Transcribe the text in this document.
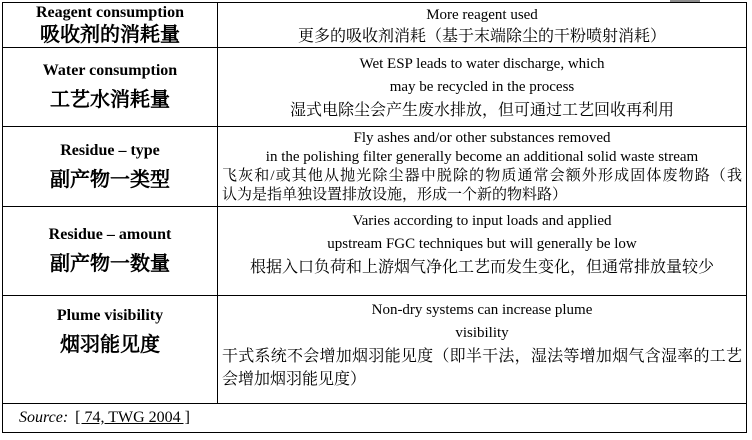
Reagent consumption
吸收剂的消耗量
More reagent used
更多的吸收剂消耗（基于末端除尘的干粉喷射消耗）
Water consumption
工艺水消耗量
Wet ESP leads to water discharge, which
may be recycled in the process
湿式电除尘会产生废水排放，但可通过工艺回收再利用
Residue – type
副产物一类型
Fly ashes and/or other substances removed
in the polishing filter generally become an additional solid waste stream
飞灰和/或其他从抛光除尘器中脱除的物质通常会额外形成固体废物路（我
认为是指单独设置排放设施，形成一个新的物料路）
Residue – amount
副产物一数量
Varies according to input loads and applied
upstream FGC techniques but will generally be low
根据入口负荷和上游烟气净化工艺而发生变化，但通常排放量较少
Plume visibility
烟羽能见度
Non-dry systems can increase plume
visibility
干式系统不会增加烟羽能见度（即半干法，湿法等增加烟气含湿率的工艺
会增加烟羽能见度）
Source: [ 74, TWG 2004 ]
